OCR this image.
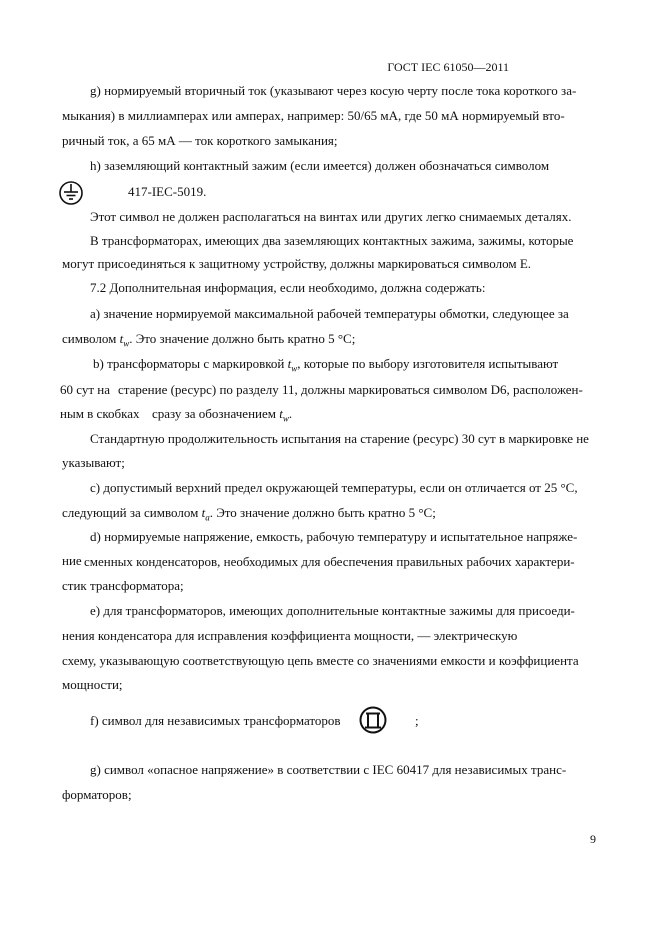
ГОСТ IEC 61050—2011
g) нормируемый вторичный ток (указывают через косую черту после тока короткого за-
мыкания) в миллиамперах или амперах, например: 50/65 мА, где 50 мА нормируемый вто-
ричный ток, а 65 мА — ток короткого замыкания;
h) заземляющий контактный зажим (если имеется) должен обозначаться символом
417-IEC-5019.
Этот символ не должен располагаться на винтах или других легко снимаемых деталях.
В трансформаторах, имеющих два заземляющих контактных зажима, зажимы, которые
могут присоединяться к защитному устройству, должны маркироваться символом E.
7.2 Дополнительная информация, если необходимо, должна содержать:
a) значение нормируемой максимальной рабочей температуры обмотки, следующее за
символом $t_w$. Это значение должно быть кратно 5 °С;
b) трансформаторы с маркировкой $t_w$, которые по выбору изготовителя испытывают
60 сут на старение (ресурс) по разделу 11, должны маркироваться символом D6, расположен-
ным в скобках сразу за обозначением $t_w$.
Стандартную продолжительность испытания на старение (ресурс) 30 сут в маркировке не
указывают;
c) допустимый верхний предел окружающей температуры, если он отличается от 25 °С,
следующий за символом $t_a$. Это значение должно быть кратно 5 °С;
d) нормируемые напряжение, емкость, рабочую температуру и испытательное напряже-
ние сменных конденсаторов, необходимых для обеспечения правильных рабочих характери-
стик трансформатора;
e) для трансформаторов, имеющих дополнительные контактные зажимы для присоеди-
нения конденсатора для исправления коэффициента мощности, — электрическую
схему, указывающую соответствующую цепь вместе со значениями емкости и коэффициента
мощности;
f) символ для независимых трансформаторов	;
g) символ «опасное напряжение» в соответствии с IEC 60417 для независимых транс-
форматоров;
9
